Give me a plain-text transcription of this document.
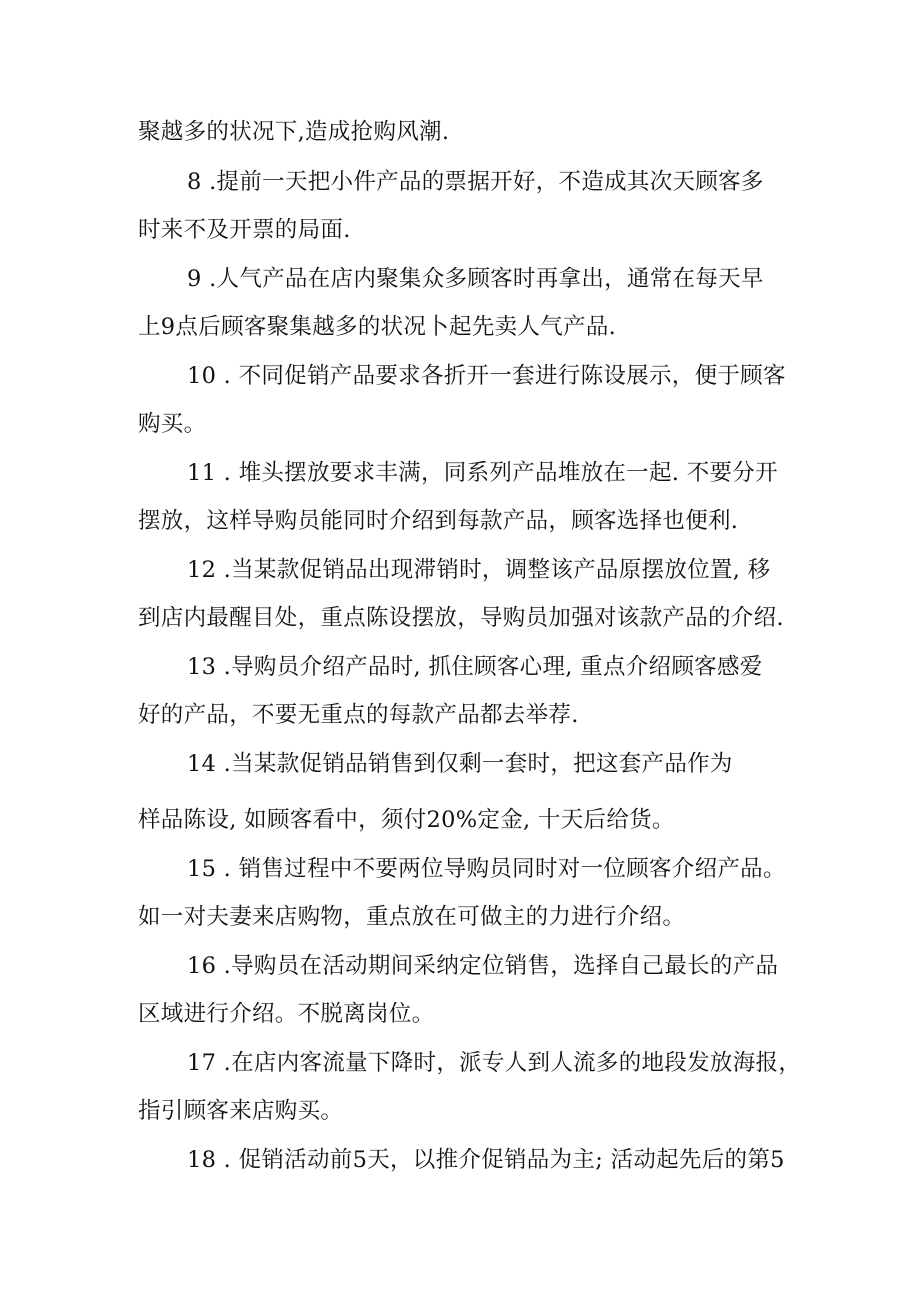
聚越多的状况下,造成抢购风潮.
8 .提前一天把小件产品的票据开好，不造成其次天顾客多
时来不及开票的局面.
9 .人气产品在店内聚集众多顾客时再拿出，通常在每天早
上9点后顾客聚集越多的状况卜起先卖人气产品.
10 . 不同促销产品要求各折开一套进行陈设展示，便于顾客
购买。
11 . 堆头摆放要求丰满，同系列产品堆放在一起. 不要分开
摆放，这样导购员能同时介绍到每款产品，顾客选择也便利.
12 .当某款促销品出现滞销时，调整该产品原摆放位置, 移
到店内最醒目处，重点陈设摆放，导购员加强对该款产品的介绍.
13 .导购员介绍产品时, 抓住顾客心理, 重点介绍顾客感爱
好的产品，不要无重点的每款产品都去举荐.
14 .当某款促销品销售到仅剩一套时，把这套产品作为
样品陈设, 如顾客看中，须付20%定金, 十天后给货。
15 . 销售过程中不要两位导购员同时对一位顾客介绍产品。
如一对夫妻来店购物，重点放在可做主的力进行介绍。
16 .导购员在活动期间采纳定位销售，选择自己最长的产品
区域进行介绍。不脱离岗位。
17 .在店内客流量下降时，派专人到人流多的地段发放海报，
指引顾客来店购买。
18 . 促销活动前5天，以推介促销品为主; 活动起先后的第5
